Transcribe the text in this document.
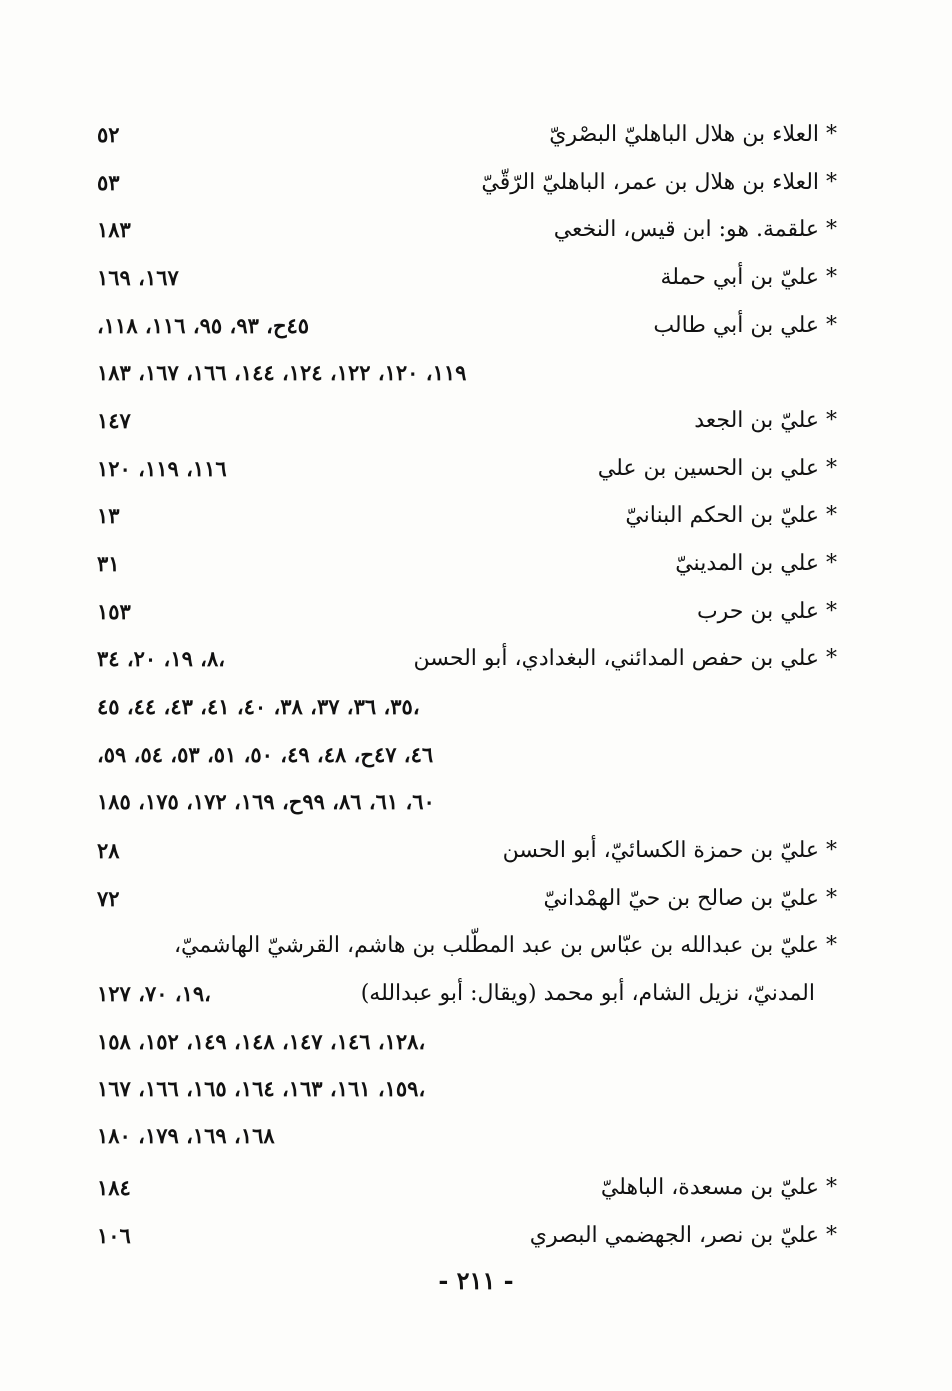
* العلاء بن هلال الباهليّ البصْريّ
٥٢
* العلاء بن هلال بن عمر، الباهليّ الرّقّيّ
٥٣
* علقمة. هو: ابن قيس، النخعي
١٨٣
* عليّ بن أبي حملة
١٦٧، ١٦٩
* علي بن أبي طالب
٤٥ح، ٩٣، ٩٥، ١١٦، ١١٨،
١١٩، ١٢٠، ١٢٢، ١٢٤، ١٤٤، ١٦٦، ١٦٧، ١٨٣
* عليّ بن الجعد
١٤٧
* علي بن الحسين بن علي
١١٦، ١١٩، ١٢٠
* عليّ بن الحكم البنانيّ
١٣
* علي بن المدينيّ
٣١
* علي بن حرب
١٥٣
* علي بن حفص المدائني، البغدادي، أبو الحسن
٨، ١٩، ٢٠، ٣٤،
٣٥، ٣٦، ٣٧، ٣٨، ٤٠، ٤١، ٤٣، ٤٤، ٤٥،
٤٦، ٤٧ح، ٤٨، ٤٩، ٥٠، ٥١، ٥٣، ٥٤، ٥٩،
٦٠، ٦١، ٨٦، ٩٩ح، ١٦٩، ١٧٢، ١٧٥، ١٨٥
* عليّ بن حمزة الكسائيّ، أبو الحسن
٢٨
* عليّ بن صالح بن حيّ الهمْدانيّ
٧٢
* عليّ بن عبدالله بن عبّاس بن عبد المطّلب بن هاشم، القرشيّ الهاشميّ،
المدنيّ، نزيل الشام، أبو محمد (ويقال: أبو عبدالله)
١٩، ٧٠، ١٢٧،
١٢٨، ١٤٦، ١٤٧، ١٤٨، ١٤٩، ١٥٢، ١٥٨،
١٥٩، ١٦١، ١٦٣، ١٦٤، ١٦٥، ١٦٦، ١٦٧،
١٦٨، ١٦٩، ١٧٩، ١٨٠
* عليّ بن مسعدة، الباهليّ
١٨٤
* عليّ بن نصر، الجهضمي البصري
١٠٦
- ٢١١ -
